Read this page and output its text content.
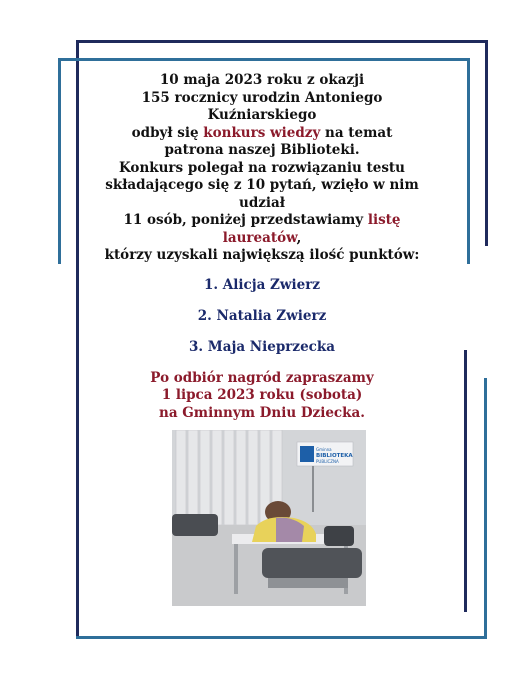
10 maja 2023 roku z okazji
155 rocznicy urodzin Antoniego Kuźniarskiego
odbył się konkurs wiedzy na temat
patrona naszej Biblioteki.
Konkurs polegał na rozwiązaniu testu
składającego się z 10 pytań, wzięło w nim udział
11 osób, poniżej przedstawiamy listę laureatów,
którzy uzyskali największą ilość punktów:

1. Alicja Zwierz
2. Natalia Zwierz
3. Maja Nieprzecka
Po odbiór nagród zapraszamy
1 lipca 2023 roku (sobota)
na Gminnym Dniu Dziecka.
Gminna
BIBLIOTEKA
PUBLICZNA
